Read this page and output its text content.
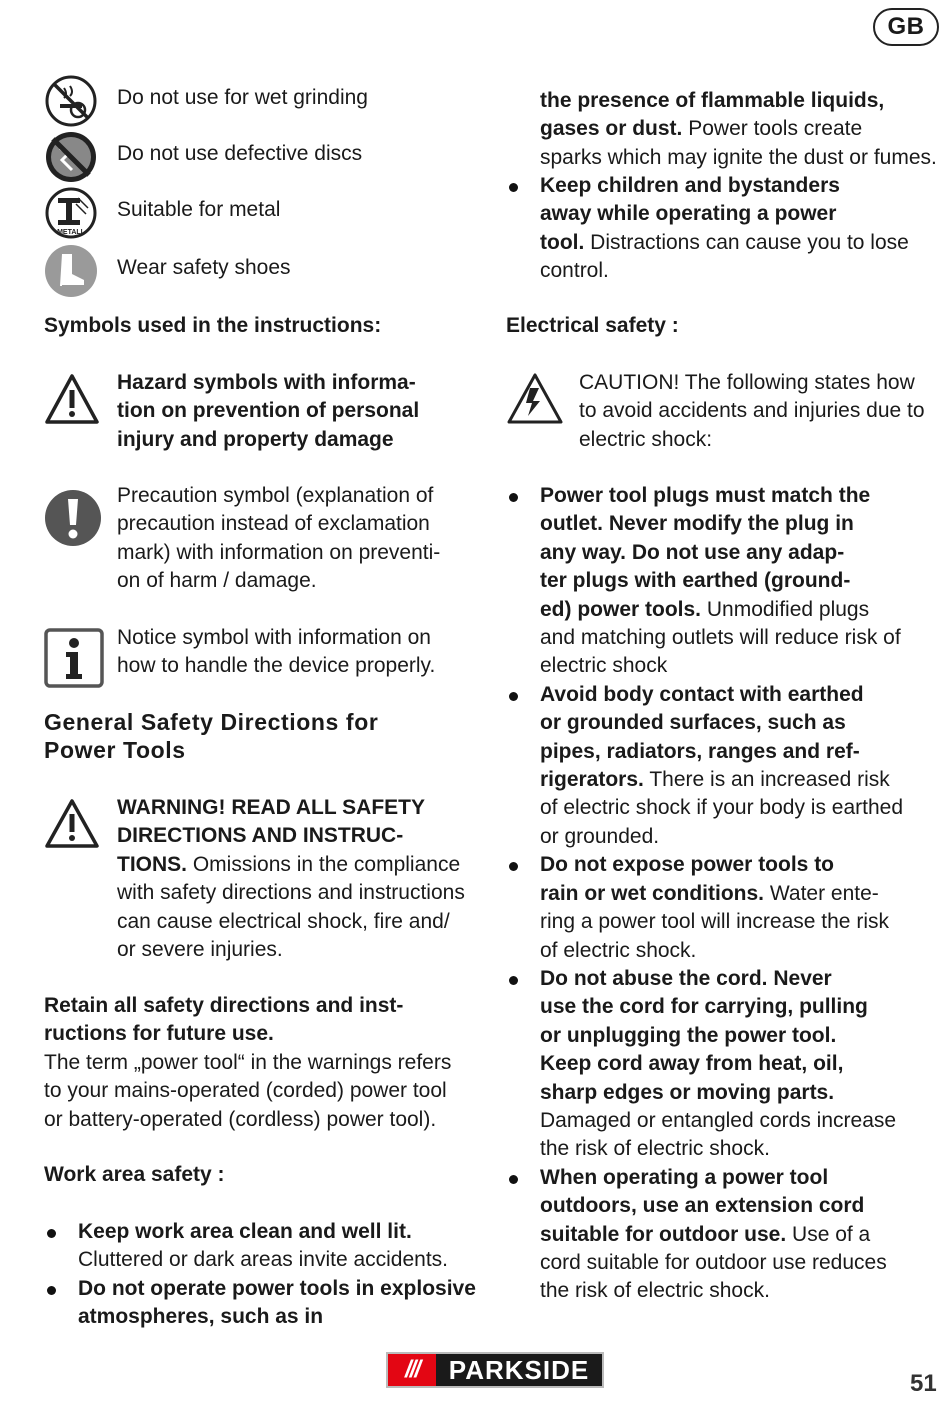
GB
Do not use for wet grinding
Do not use defective discs
METALL
Suitable for metal
Wear safety shoes
Symbols used in the instructions:
Hazard symbols with informa-
tion on prevention of personal
injury and property damage
Precaution symbol (explanation of
precaution instead of exclamation
mark) with information on preventi-
on of harm / damage.
Notice symbol with information on
how to handle the device properly.
General Safety Directions for
Power Tools
WARNING! READ ALL SAFETY
DIRECTIONS AND INSTRUC-
TIONS. Omissions in the compliance
with safety directions and instructions
can cause electrical shock, fire and/
or severe injuries.
Retain all safety directions and inst-
ructions for future use.
The term „power tool“ in the warnings refers
to your mains-operated (corded) power tool
or battery-operated (cordless) power tool).
Work area safety :
Keep work area clean and well lit.
Cluttered or dark areas invite accidents.
Do not operate power tools in explosive atmospheres, such as in
the presence of flammable liquids,
gases or dust. Power tools create
sparks which may ignite the dust or fumes.
Keep children and bystanders
away while operating a power
tool. Distractions can cause you to lose
control.
Electrical safety :
CAUTION! The following states how
to avoid accidents and injuries due to
electric shock:
Power tool plugs must match the
outlet. Never modify the plug in
any way. Do not use any adap-
ter plugs with earthed (ground-
ed) power tools. Unmodified plugs
and matching outlets will reduce risk of
electric shock
Avoid body contact with earthed
or grounded surfaces, such as
pipes, radiators, ranges and ref-
rigerators. There is an increased risk
of electric shock if your body is earthed
or grounded.
Do not expose power tools to
rain or wet conditions. Water ente-
ring a power tool will increase the risk
of electric shock.
Do not abuse the cord. Never
use the cord for carrying, pulling
or unplugging the power tool.
Keep cord away from heat, oil,
sharp edges or moving parts.
Damaged or entangled cords increase
the risk of electric shock.
When operating a power tool
outdoors, use an extension cord
suitable for outdoor use. Use of a
cord suitable for outdoor use reduces
the risk of electric shock.
///	PARKSIDE	51
